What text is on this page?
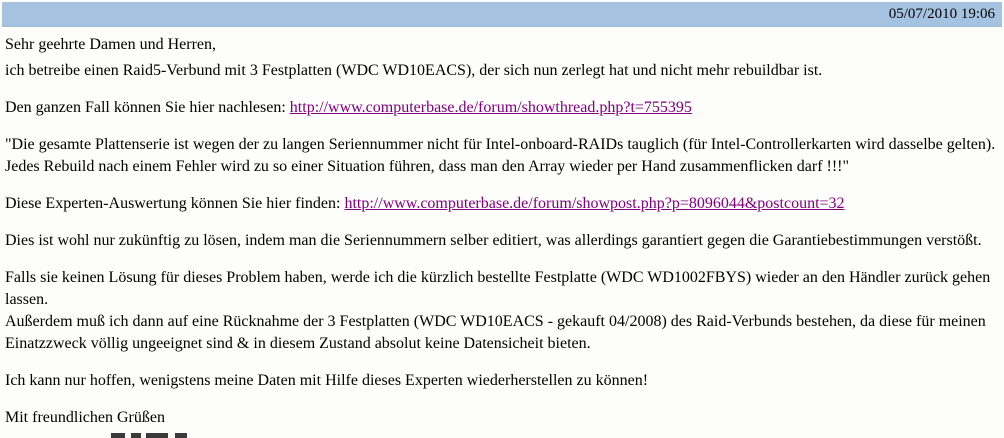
05/07/2010 19:06

Sehr geehrte Damen und Herren,

ich betreibe einen Raid5-Verbund mit 3 Festplatten (WDC WD10EACS), der sich nun zerlegt hat und nicht mehr rebuildbar ist.

Den ganzen Fall können Sie hier nachlesen: http://www.computerbase.de/forum/showthread.php?t=755395

"Die gesamte Plattenserie ist wegen der zu langen Seriennummer nicht für Intel-onboard-RAIDs tauglich (für Intel-Controllerkarten wird dasselbe gelten).
Jedes Rebuild nach einem Fehler wird zu so einer Situation führen, dass man den Array wieder per Hand zusammenflicken darf !!!"

Diese Experten-Auswertung können Sie hier finden: http://www.computerbase.de/forum/showpost.php?p=8096044&postcount=32

Dies ist wohl nur zukünftig zu lösen, indem man die Seriennummern selber editiert, was allerdings garantiert gegen die Garantiebestimmungen verstößt.

Falls sie keinen Lösung für dieses Problem haben, werde ich die kürzlich bestellte Festplatte (WDC WD1002FBYS) wieder an den Händler zurück gehen lassen.
Außerdem muß ich dann auf eine Rücknahme der 3 Festplatten (WDC WD10EACS - gekauft 04/2008) des Raid-Verbunds bestehen, da diese für meinen
Einatzzweck völlig ungeeignet sind & in diesem Zustand absolut keine Datensicheit bieten.

Ich kann nur hoffen, wenigstens meine Daten mit Hilfe dieses Experten wiederherstellen zu können!

Mit freundlichen Grüßen
